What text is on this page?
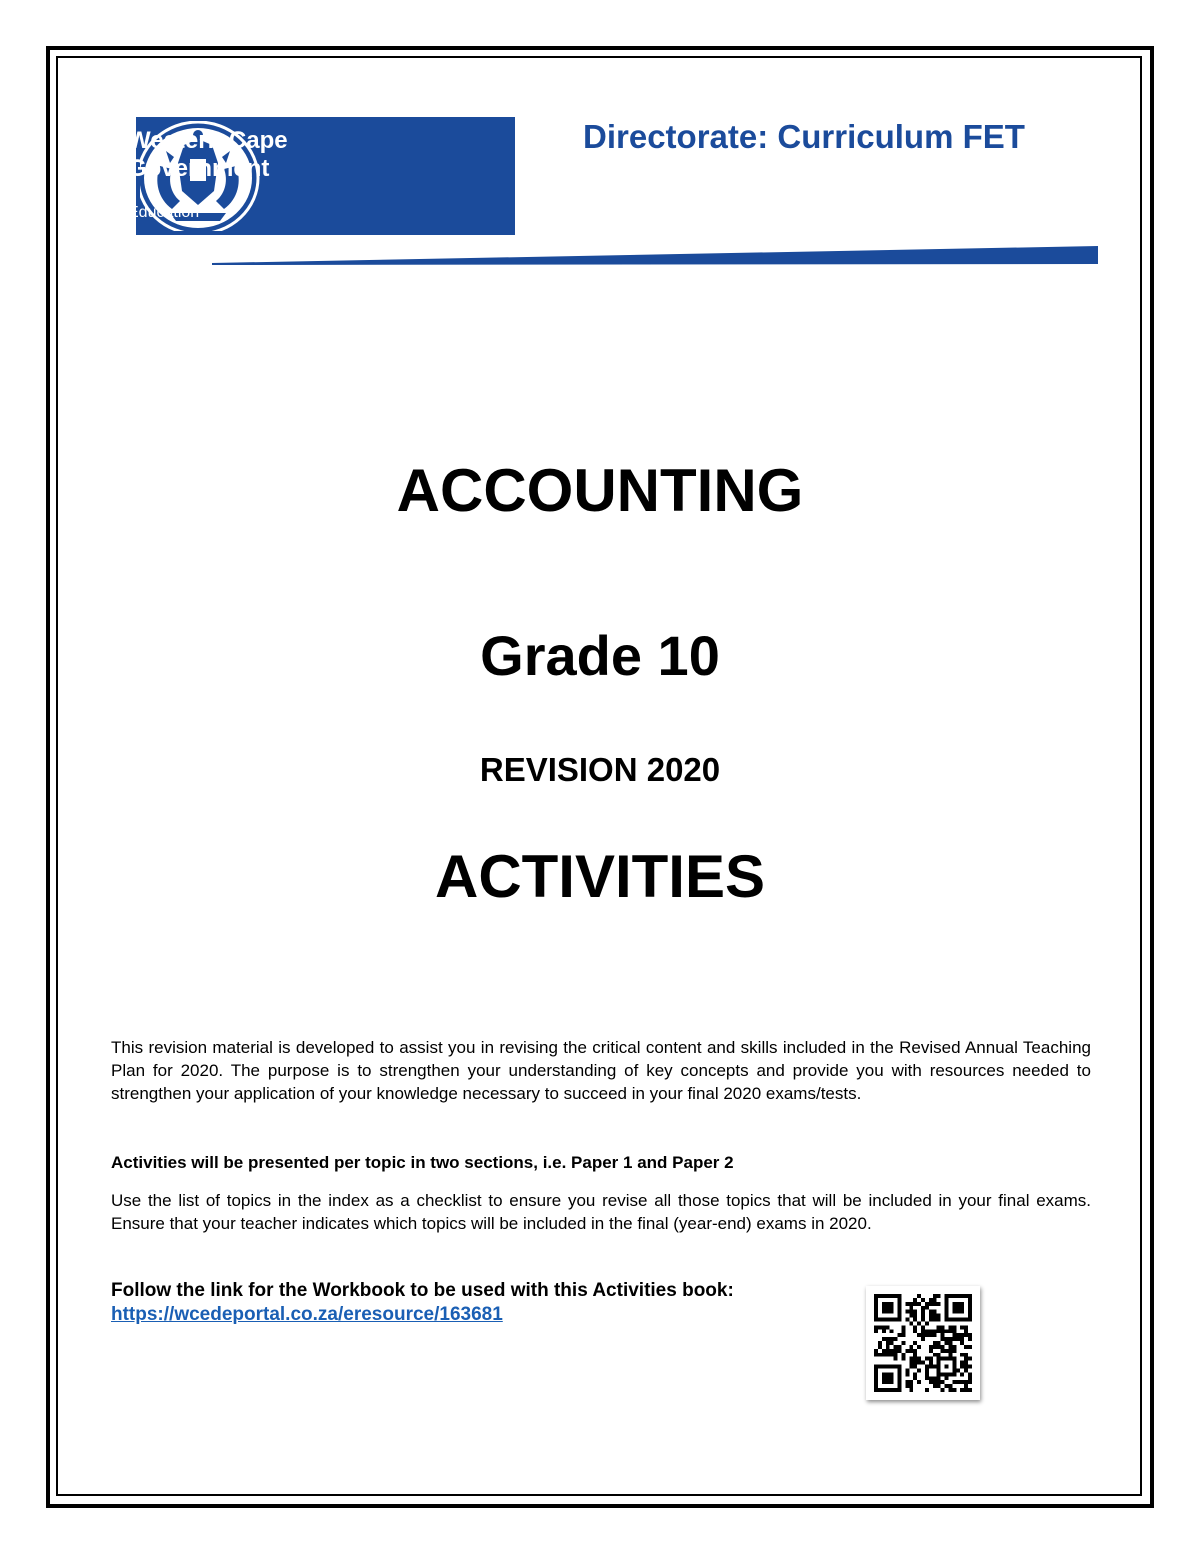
Western Cape
Government
Education
Directorate: Curriculum FET
ACCOUNTING
Grade 10
REVISION 2020
ACTIVITIES
This revision material is developed to assist you in revising the critical content and skills included in the Revised Annual Teaching Plan for 2020. The purpose is to strengthen your understanding of key concepts and provide you with resources needed to strengthen your application of your knowledge necessary to succeed in your final 2020 exams/tests.
Activities will be presented per topic in two sections, i.e. Paper 1 and Paper 2
Use the list of topics in the index as a checklist to ensure you revise all those topics that will be included in your final exams. Ensure that your teacher indicates which topics will be included in the final (year-end) exams in 2020.
Follow the link for the Workbook to be used with this Activities book:
https://wcedeportal.co.za/eresource/163681
